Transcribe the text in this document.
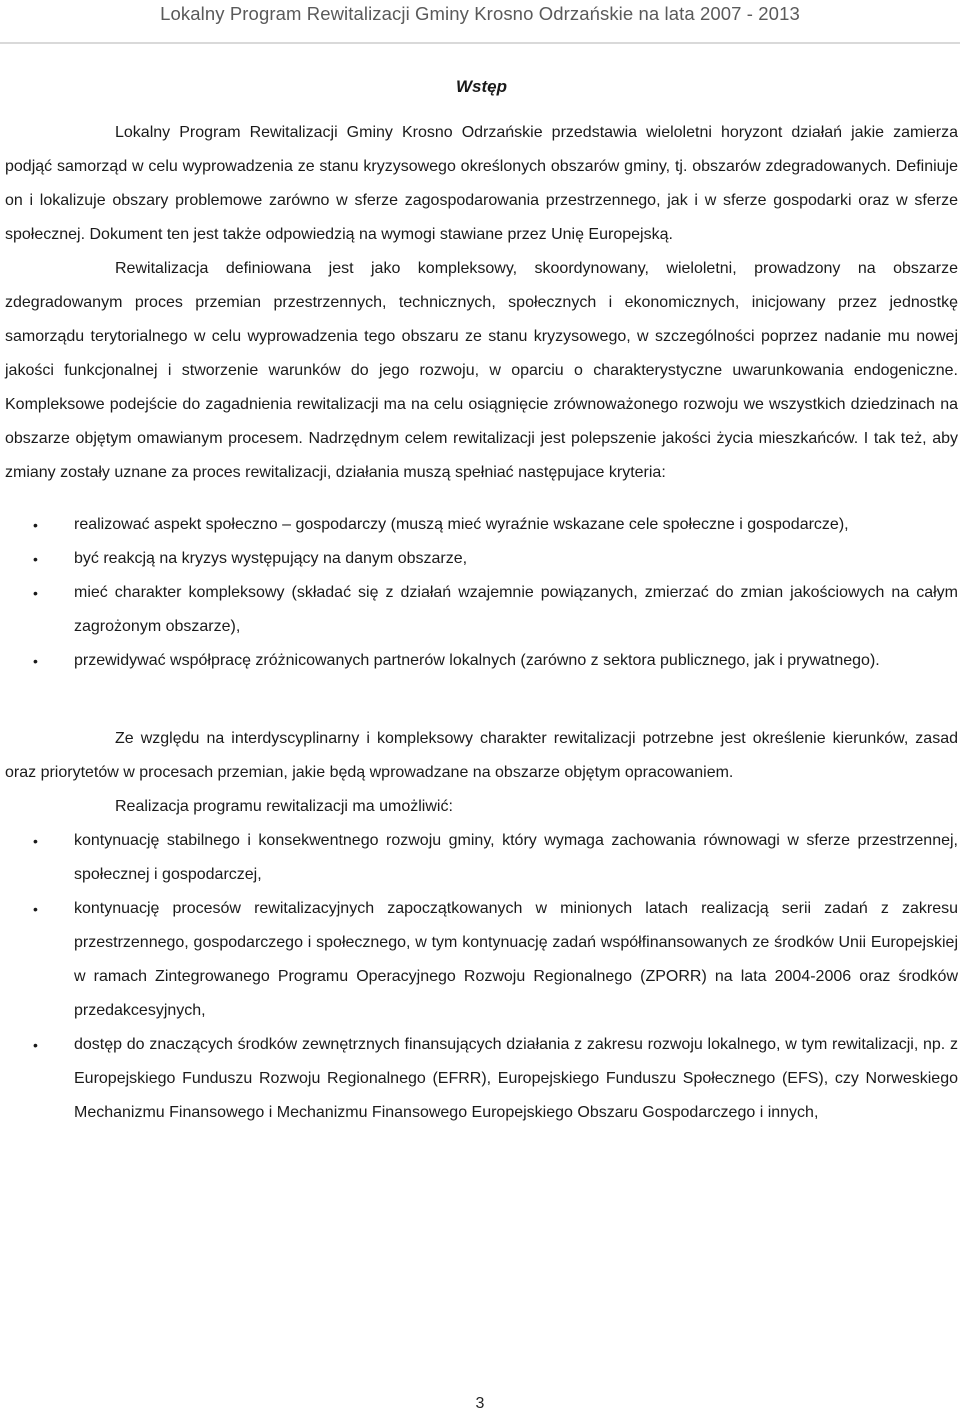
Lokalny Program Rewitalizacji Gminy Krosno Odrzańskie na lata 2007 - 2013
Wstęp

Lokalny Program Rewitalizacji Gminy Krosno Odrzańskie przedstawia wieloletni horyzont działań jakie zamierza podjąć samorząd w celu wyprowadzenia ze stanu kryzysowego określonych obszarów gminy, tj. obszarów zdegradowanych. Definiuje on i lokalizuje obszary problemowe zarówno w sferze zagospodarowania przestrzennego, jak i w sferze gospodarki oraz w sferze społecznej. Dokument ten jest także odpowiedzią na wymogi stawiane przez Unię Europejską.

Rewitalizacja definiowana jest jako kompleksowy, skoordynowany, wieloletni, prowadzony na obszarze zdegradowanym proces przemian przestrzennych, technicznych, społecznych i ekonomicznych, inicjowany przez jednostkę samorządu terytorialnego w celu wyprowadzenia tego obszaru ze stanu kryzysowego, w szczególności poprzez nadanie mu nowej jakości funkcjonalnej i stworzenie warunków do jego rozwoju, w oparciu o charakterystyczne uwarunkowania endogeniczne. Kompleksowe podejście do zagadnienia rewitalizacji ma na celu osiągnięcie zrównoważonego rozwoju we wszystkich dziedzinach na obszarze objętym omawianym procesem. Nadrzędnym celem rewitalizacji jest polepszenie jakości życia mieszkańców. I tak też, aby zmiany zostały uznane za proces rewitalizacji, działania muszą spełniać następujace kryteria:

• realizować aspekt społeczno – gospodarczy (muszą mieć wyraźnie wskazane cele społeczne i gospodarcze),
• być reakcją na kryzys występujący na danym obszarze,
• mieć charakter kompleksowy (składać się z działań wzajemnie powiązanych, zmierzać do zmian jakościowych na całym zagrożonym obszarze),
• przewidywać współpracę zróżnicowanych partnerów lokalnych (zarówno z sektora publicznego, jak i prywatnego).

Ze względu na interdyscyplinarny i kompleksowy charakter rewitalizacji potrzebne jest określenie kierunków, zasad oraz priorytetów w procesach przemian, jakie będą wprowadzane na obszarze objętym opracowaniem.

Realizacja programu rewitalizacji ma umożliwić:

• kontynuację stabilnego i konsekwentnego rozwoju gminy, który wymaga zachowania równowagi w sferze przestrzennej, społecznej i gospodarczej,
• kontynuację procesów rewitalizacyjnych zapoczątkowanych w minionych latach realizacją serii zadań z zakresu przestrzennego, gospodarczego i społecznego, w tym kontynuację zadań współfinansowanych ze środków Unii Europejskiej w ramach Zintegrowanego Programu Operacyjnego Rozwoju Regionalnego (ZPORR) na lata 2004-2006 oraz środków przedakcesyjnych,
• dostęp do znaczących środków zewnętrznych finansujących działania z zakresu rozwoju lokalnego, w tym rewitalizacji, np. z Europejskiego Funduszu Rozwoju Regionalnego (EFRR), Europejskiego Funduszu Społecznego (EFS), czy Norweskiego Mechanizmu Finansowego i Mechanizmu Finansowego Europejskiego Obszaru Gospodarczego i innych,
3
